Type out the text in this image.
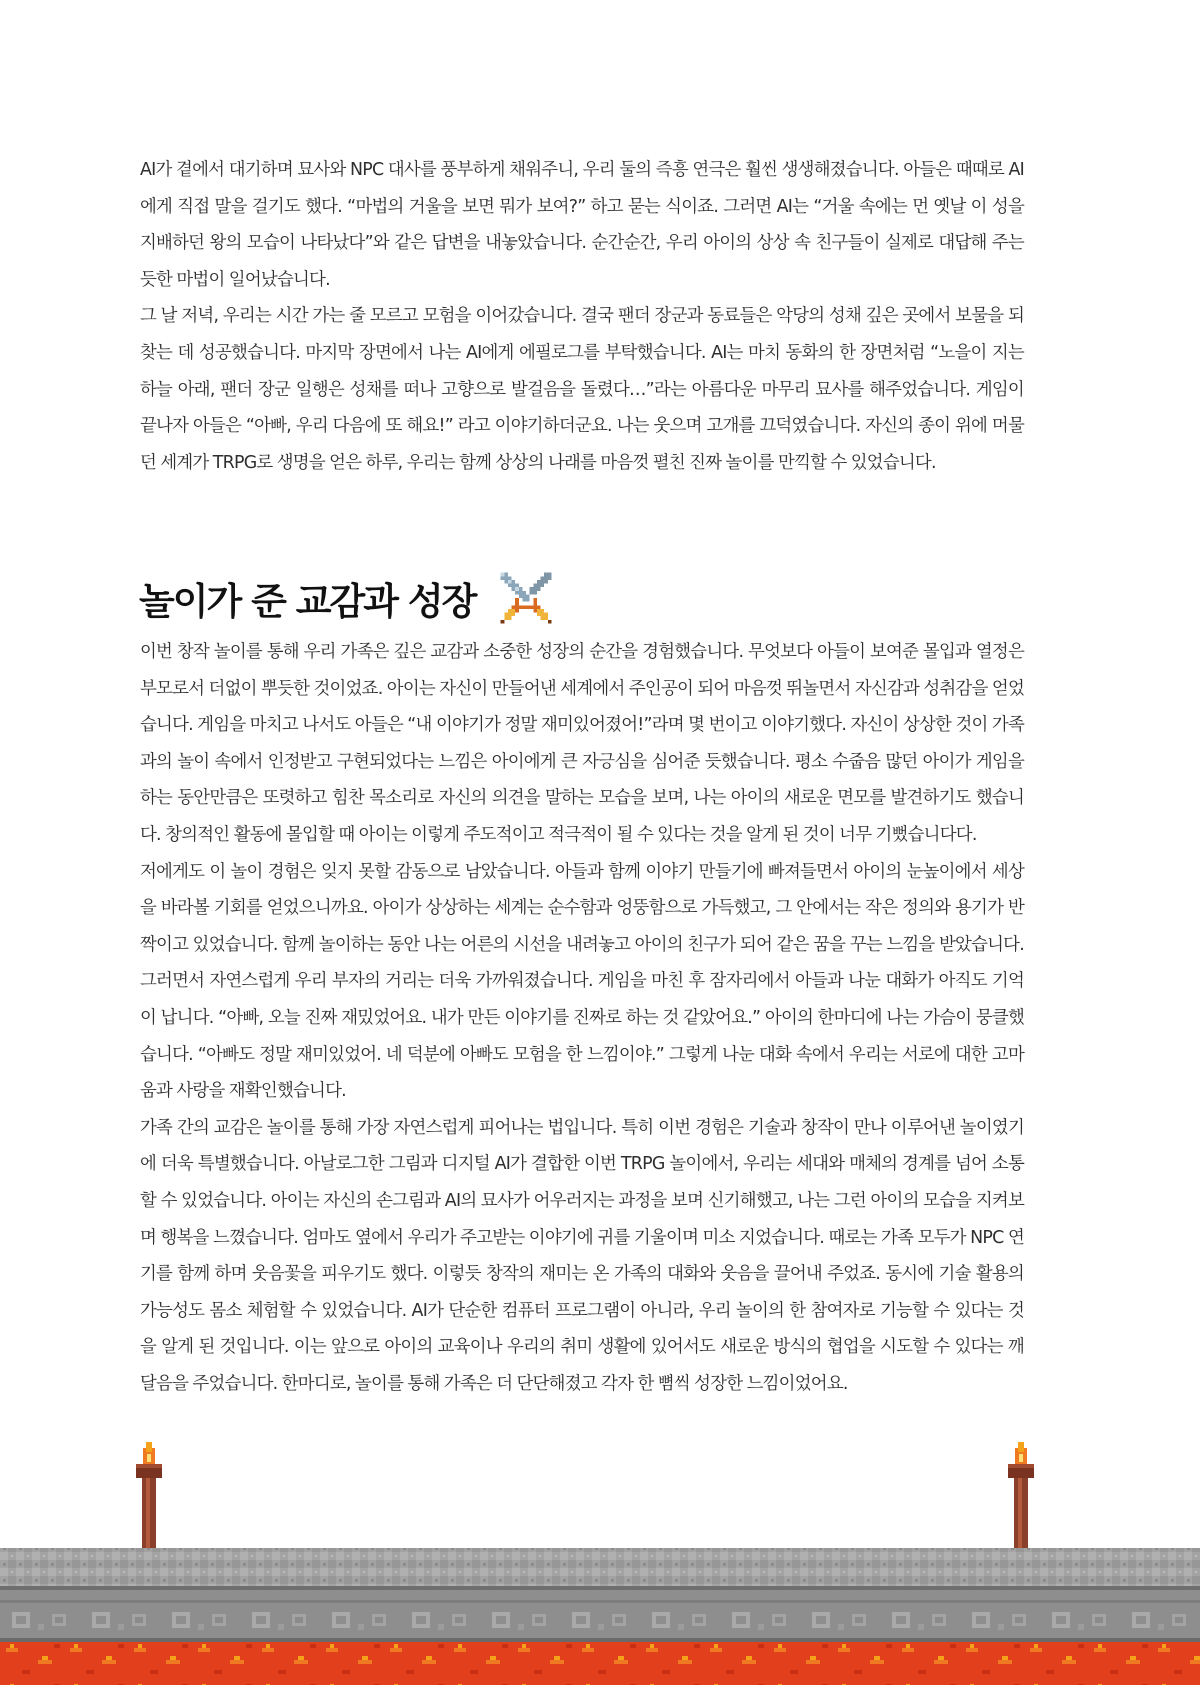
AI가 곁에서 대기하며 묘사와 NPC 대사를 풍부하게 채워주니, 우리 둘의 즉흥 연극은 훨씬 생생해졌습니다. 아들은 때때로 AI에게 직접 말을 걸기도 했다. “마법의 거울을 보면 뭐가 보여?” 하고 묻는 식이죠. 그러면 AI는 “거울 속에는 먼 옛날 이 성을 지배하던 왕의 모습이 나타났다”와 같은 답변을 내놓았습니다. 순간순간, 우리 아이의 상상 속 친구들이 실제로 대답해 주는 듯한 마법이 일어났습니다.

그 날 저녁, 우리는 시간 가는 줄 모르고 모험을 이어갔습니다. 결국 팬더 장군과 동료들은 악당의 성채 깊은 곳에서 보물을 되찾는 데 성공했습니다. 마지막 장면에서 나는 AI에게 에필로그를 부탁했습니다. AI는 마치 동화의 한 장면처럼 “노을이 지는 하늘 아래, 팬더 장군 일행은 성채를 떠나 고향으로 발걸음을 돌렸다…”라는 아름다운 마무리 묘사를 해주었습니다. 게임이 끝나자 아들은 “아빠, 우리 다음에 또 해요!” 라고 이야기하더군요. 나는 웃으며 고개를 끄덕였습니다. 자신의 종이 위에 머물던 세계가 TRPG로 생명을 얻은 하루, 우리는 함께 상상의 나래를 마음껏 펼친 진짜 놀이를 만끽할 수 있었습니다.

놀이가 준 교감과 성장

이번 창작 놀이를 통해 우리 가족은 깊은 교감과 소중한 성장의 순간을 경험했습니다. 무엇보다 아들이 보여준 몰입과 열정은 부모로서 더없이 뿌듯한 것이었죠. 아이는 자신이 만들어낸 세계에서 주인공이 되어 마음껏 뛰놀면서 자신감과 성취감을 얻었습니다. 게임을 마치고 나서도 아들은 “내 이야기가 정말 재미있어졌어!”라며 몇 번이고 이야기했다. 자신이 상상한 것이 가족과의 놀이 속에서 인정받고 구현되었다는 느낌은 아이에게 큰 자긍심을 심어준 듯했습니다. 평소 수줍음 많던 아이가 게임을 하는 동안만큼은 또렷하고 힘찬 목소리로 자신의 의견을 말하는 모습을 보며, 나는 아이의 새로운 면모를 발견하기도 했습니다. 창의적인 활동에 몰입할 때 아이는 이렇게 주도적이고 적극적이 될 수 있다는 것을 알게 된 것이 너무 기뻤습니다다.

저에게도 이 놀이 경험은 잊지 못할 감동으로 남았습니다. 아들과 함께 이야기 만들기에 빠져들면서 아이의 눈높이에서 세상을 바라볼 기회를 얻었으니까요. 아이가 상상하는 세계는 순수함과 엉뚱함으로 가득했고, 그 안에서는 작은 정의와 용기가 반짝이고 있었습니다. 함께 놀이하는 동안 나는 어른의 시선을 내려놓고 아이의 친구가 되어 같은 꿈을 꾸는 느낌을 받았습니다. 그러면서 자연스럽게 우리 부자의 거리는 더욱 가까워졌습니다. 게임을 마친 후 잠자리에서 아들과 나눈 대화가 아직도 기억이 납니다. “아빠, 오늘 진짜 재밌었어요. 내가 만든 이야기를 진짜로 하는 것 같았어요.” 아이의 한마디에 나는 가슴이 뭉클했습니다. “아빠도 정말 재미있었어. 네 덕분에 아빠도 모험을 한 느낌이야.” 그렇게 나눈 대화 속에서 우리는 서로에 대한 고마움과 사랑을 재확인했습니다.

가족 간의 교감은 놀이를 통해 가장 자연스럽게 피어나는 법입니다. 특히 이번 경험은 기술과 창작이 만나 이루어낸 놀이였기에 더욱 특별했습니다. 아날로그한 그림과 디지털 AI가 결합한 이번 TRPG 놀이에서, 우리는 세대와 매체의 경계를 넘어 소통할 수 있었습니다. 아이는 자신의 손그림과 AI의 묘사가 어우러지는 과정을 보며 신기해했고, 나는 그런 아이의 모습을 지켜보며 행복을 느꼈습니다. 엄마도 옆에서 우리가 주고받는 이야기에 귀를 기울이며 미소 지었습니다. 때로는 가족 모두가 NPC 연기를 함께 하며 웃음꽃을 피우기도 했다. 이렇듯 창작의 재미는 온 가족의 대화와 웃음을 끌어내 주었죠. 동시에 기술 활용의 가능성도 몸소 체험할 수 있었습니다. AI가 단순한 컴퓨터 프로그램이 아니라, 우리 놀이의 한 참여자로 기능할 수 있다는 것을 알게 된 것입니다. 이는 앞으로 아이의 교육이나 우리의 취미 생활에 있어서도 새로운 방식의 협업을 시도할 수 있다는 깨달음을 주었습니다. 한마디로, 놀이를 통해 가족은 더 단단해졌고 각자 한 뼘씩 성장한 느낌이었어요.
